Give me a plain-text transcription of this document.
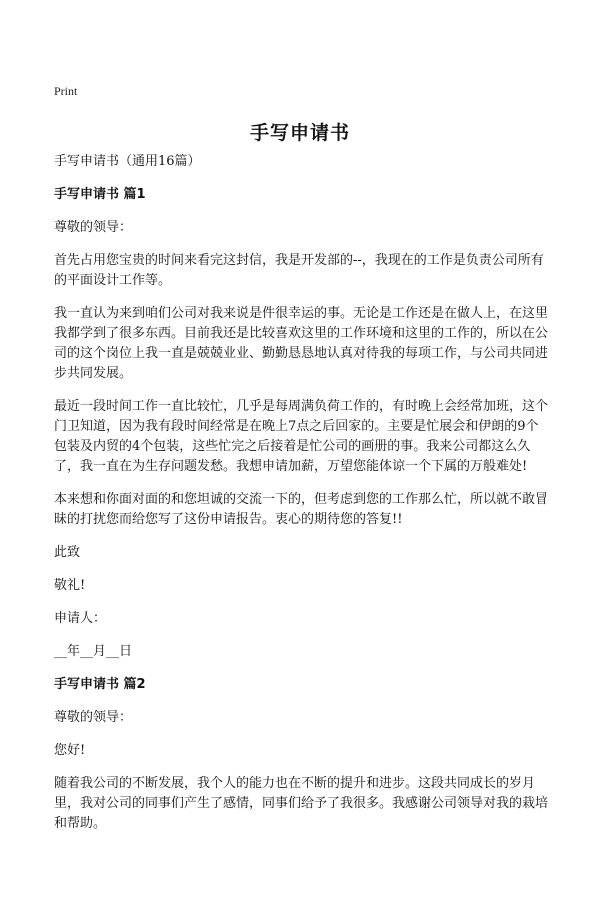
Print
手写申请书

手写申请书（通用16篇）

手写申请书 篇1

尊敬的领导：

首先占用您宝贵的时间来看完这封信，我是开发部的--，我现在的工作是负责公司所有的平面设计工作等。

我一直认为来到咱们公司对我来说是件很幸运的事。无论是工作还是在做人上，在这里我都学到了很多东西。目前我还是比较喜欢这里的工作环境和这里的工作的，所以在公司的这个岗位上我一直是兢兢业业、勤勤恳恳地认真对待我的每项工作，与公司共同进步共同发展。

最近一段时间工作一直比较忙，几乎是每周满负荷工作的，有时晚上会经常加班，这个门卫知道，因为我有段时间经常是在晚上7点之后回家的。主要是忙展会和伊朗的9个包装及内贸的4个包装，这些忙完之后接着是忙公司的画册的事。我来公司都这么久了，我一直在为生存问题发愁。我想申请加薪，万望您能体谅一个下属的万般难处!

本来想和你面对面的和您坦诚的交流一下的，但考虑到您的工作那么忙，所以就不敢冒昧的打扰您而给您写了这份申请报告。衷心的期待您的答复!!

此致

敬礼!

申请人：

__年__月__日

手写申请书 篇2

尊敬的领导：

您好!

随着我公司的不断发展，我个人的能力也在不断的提升和进步。这段共同成长的岁月里，我对公司的同事们产生了感情，同事们给予了我很多。我感谢公司领导对我的栽培和帮助。
